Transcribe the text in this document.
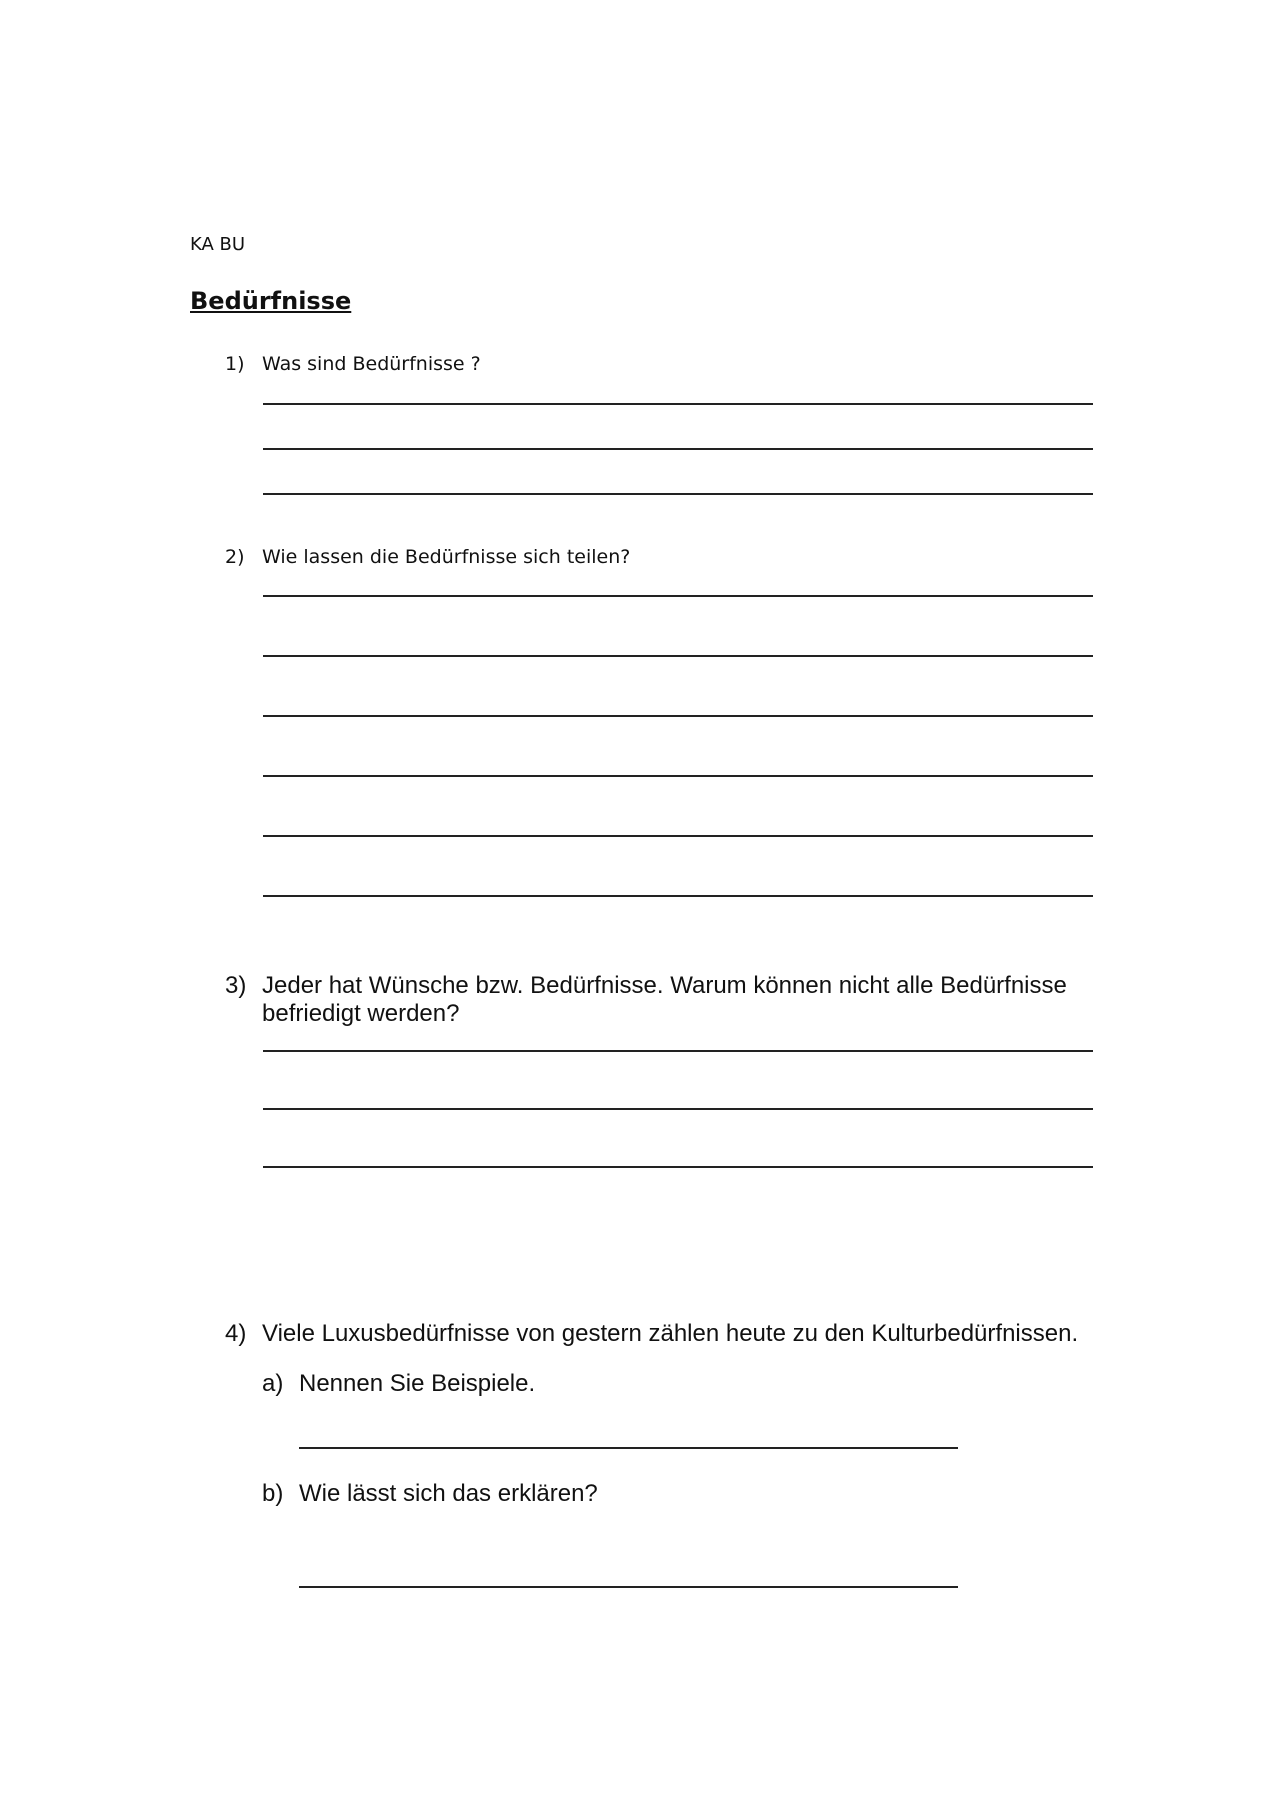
KA BU
Bedürfnisse
1) Was sind Bedürfnisse ?
2) Wie lassen die Bedürfnisse sich teilen?
3) Jeder hat Wünsche bzw. Bedürfnisse. Warum können nicht alle Bedürfnisse
befriedigt werden?
4) Viele Luxusbedürfnisse von gestern zählen heute zu den Kulturbedürfnissen.
a) Nennen Sie Beispiele.
b) Wie lässt sich das erklären?
